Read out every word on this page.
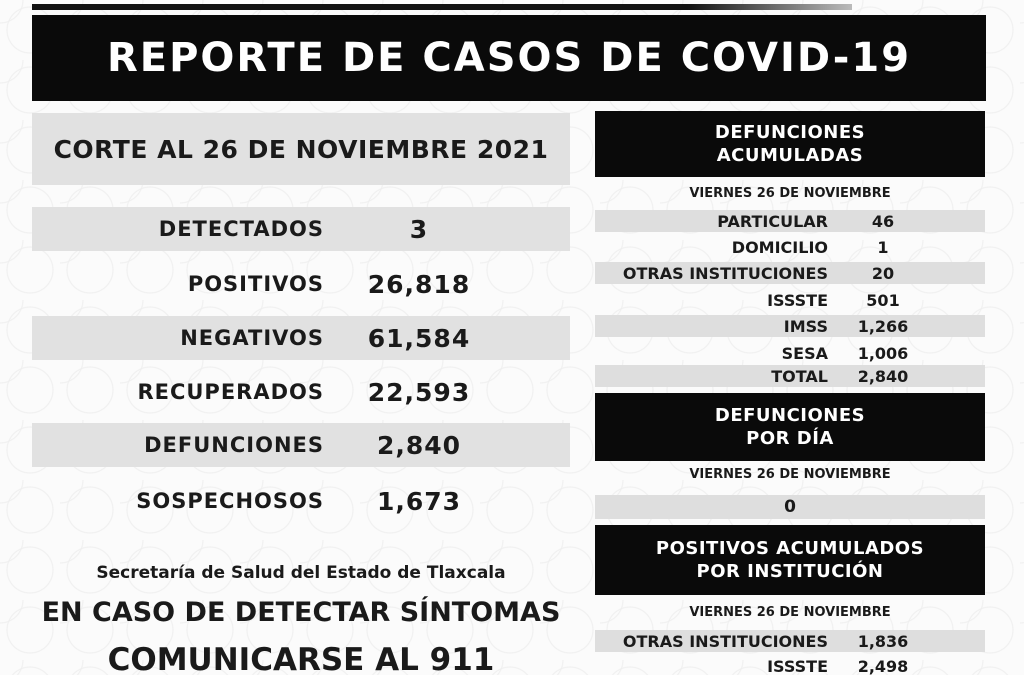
REPORTE DE CASOS DE COVID-19
CORTE AL 26 DE NOVIEMBRE 2021
DETECTADOS	3
POSITIVOS	26,818
NEGATIVOS	61,584
RECUPERADOS	22,593
DEFUNCIONES	2,840
SOSPECHOSOS	1,673
Secretaría de Salud del Estado de Tlaxcala
EN CASO DE DETECTAR SÍNTOMAS
COMUNICARSE AL 911
DEFUNCIONES
ACUMULADAS
VIERNES 26 DE NOVIEMBRE
PARTICULAR	46
DOMICILIO	1
OTRAS INSTITUCIONES	20
ISSSTE	501
IMSS	1,266
SESA	1,006
TOTAL	2,840
DEFUNCIONES
POR DÍA
VIERNES 26 DE NOVIEMBRE
0
POSITIVOS ACUMULADOS
POR INSTITUCIÓN
VIERNES 26 DE NOVIEMBRE
OTRAS INSTITUCIONES	1,836
ISSSTE	2,498
